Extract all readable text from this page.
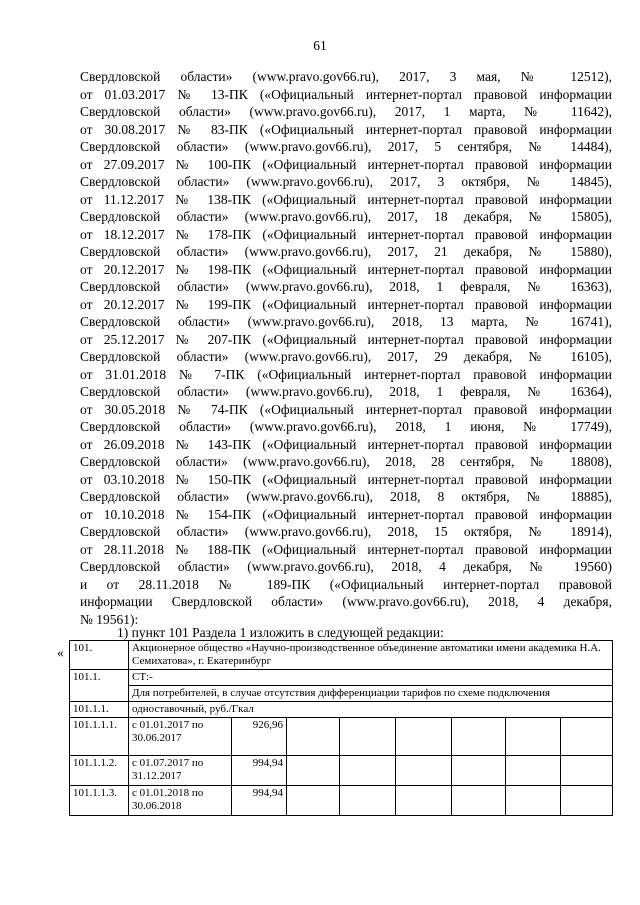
61
Свердловской области» (www.pravo.gov66.ru), 2017, 3 мая, № 12512),
от 01.03.2017 № 13-ПК («Официальный интернет-портал правовой информации
Свердловской области» (www.pravo.gov66.ru), 2017, 1 марта, № 11642),
от 30.08.2017 № 83-ПК («Официальный интернет-портал правовой информации
Свердловской области» (www.pravo.gov66.ru), 2017, 5 сентября, № 14484),
от 27.09.2017 № 100-ПК («Официальный интернет-портал правовой информации
Свердловской области» (www.pravo.gov66.ru), 2017, 3 октября, № 14845),
от 11.12.2017 № 138-ПК («Официальный интернет-портал правовой информации
Свердловской области» (www.pravo.gov66.ru), 2017, 18 декабря, № 15805),
от 18.12.2017 № 178-ПК («Официальный интернет-портал правовой информации
Свердловской области» (www.pravo.gov66.ru), 2017, 21 декабря, № 15880),
от 20.12.2017 № 198-ПК («Официальный интернет-портал правовой информации
Свердловской области» (www.pravo.gov66.ru), 2018, 1 февраля, № 16363),
от 20.12.2017 № 199-ПК («Официальный интернет-портал правовой информации
Свердловской области» (www.pravo.gov66.ru), 2018, 13 марта, № 16741),
от 25.12.2017 № 207-ПК («Официальный интернет-портал правовой информации
Свердловской области» (www.pravo.gov66.ru), 2017, 29 декабря, № 16105),
от 31.01.2018 № 7-ПК («Официальный интернет-портал правовой информации
Свердловской области» (www.pravo.gov66.ru), 2018, 1 февраля, № 16364),
от 30.05.2018 № 74-ПК («Официальный интернет-портал правовой информации
Свердловской области» (www.pravo.gov66.ru), 2018, 1 июня, № 17749),
от 26.09.2018 № 143-ПК («Официальный интернет-портал правовой информации
Свердловской области» (www.pravo.gov66.ru), 2018, 28 сентября, № 18808),
от 03.10.2018 № 150-ПК («Официальный интернет-портал правовой информации
Свердловской области» (www.pravo.gov66.ru), 2018, 8 октября, № 18885),
от 10.10.2018 № 154-ПК («Официальный интернет-портал правовой информации
Свердловской области» (www.pravo.gov66.ru), 2018, 15 октября, № 18914),
от 28.11.2018 № 188-ПК («Официальный интернет-портал правовой информации
Свердловской области» (www.pravo.gov66.ru), 2018, 4 декабря, № 19560)
и от 28.11.2018 № 189-ПК («Официальный интернет-портал правовой
информации Свердловской области» (www.pravo.gov66.ru), 2018, 4 декабря,
№ 19561):
1) пункт 101 Раздела 1 изложить в следующей редакции:
« 101.	Акционерное общество «Научно-производственное объединение автоматики имени академика Н.А. Семихатова», г. Екатеринбург							
101.1.	СТ:-							
	Для потребителей, в случае отсутствия дифференциации тарифов по схеме подключения							
101.1.1.	одноставочный, руб./Гкал							
101.1.1.1.	с 01.01.2017 по 30.06.2017	926,96						
101.1.1.2.	с 01.07.2017 по 31.12.2017	994,94						
101.1.1.3.	с 01.01.2018 по 30.06.2018	994,94						
